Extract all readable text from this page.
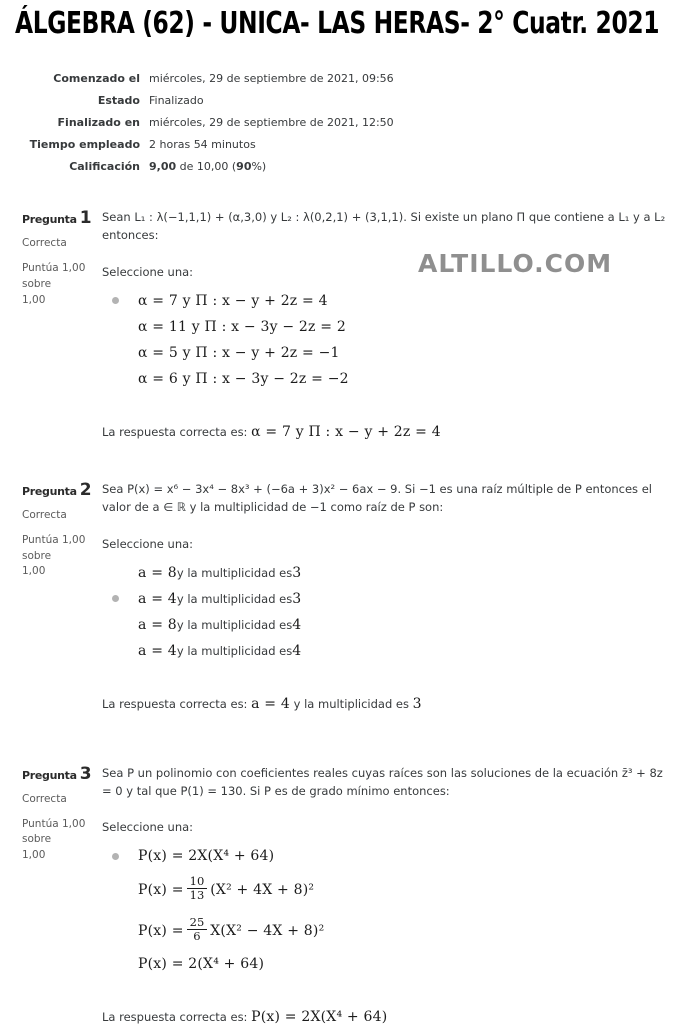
ÁLGEBRA (62) - UNICA- LAS HERAS- 2° Cuatr. 2021
Comenzado el miércoles, 29 de septiembre de 2021, 09:56
Estado Finalizado
Finalizado en miércoles, 29 de septiembre de 2021, 12:50
Tiempo empleado 2 horas 54 minutos
Calificación 9,00 de 10,00 (90%)
ALTILLO.COM
Pregunta 1
Correcta
Puntúa 1,00 sobre
1,00

Sean L₁ : λ(−1,1,1) + (α,3,0) y L₂ : λ(0,2,1) + (3,1,1). Si existe un plano Π que contiene a L₁ y a L₂ entonces:

Seleccione una:

α = 7 y Π : x − y + 2z = 4
α = 11 y Π : x − 3y − 2z = 2
α = 5 y Π : x − y + 2z = −1
α = 6 y Π : x − 3y − 2z = −2

La respuesta correcta es: α = 7 y Π : x − y + 2z = 4

Pregunta 2
Correcta
Puntúa 1,00 sobre
1,00

Sea P(x) = x⁶ − 3x⁴ − 8x³ + (−6a + 3)x² − 6ax − 9. Si −1 es una raíz múltiple de P entonces el valor de a ∈ ℝ y la multiplicidad de −1 como raíz de P son:

Seleccione una:

a = 8 y la multiplicidad es 3
a = 4 y la multiplicidad es 3
a = 8 y la multiplicidad es 4
a = 4 y la multiplicidad es 4

La respuesta correcta es: a = 4 y la multiplicidad es 3

Pregunta 3
Correcta
Puntúa 1,00 sobre
1,00

Sea P un polinomio con coeficientes reales cuyas raíces son las soluciones de la ecuación z̄³ + 8z = 0 y tal que P(1) = 130. Si P es de grado mínimo entonces:

Seleccione una:

P(x) = 2X(X⁴ + 64)
$P(x) = \frac{10}{13} (X^2 + 4X + 8)^2$
$P(x) = \frac{25}{6} X(X^2 - 4X + 8)^2$
P(x) = 2(X⁴ + 64)

La respuesta correcta es: P(x) = 2X(X⁴ + 64)
